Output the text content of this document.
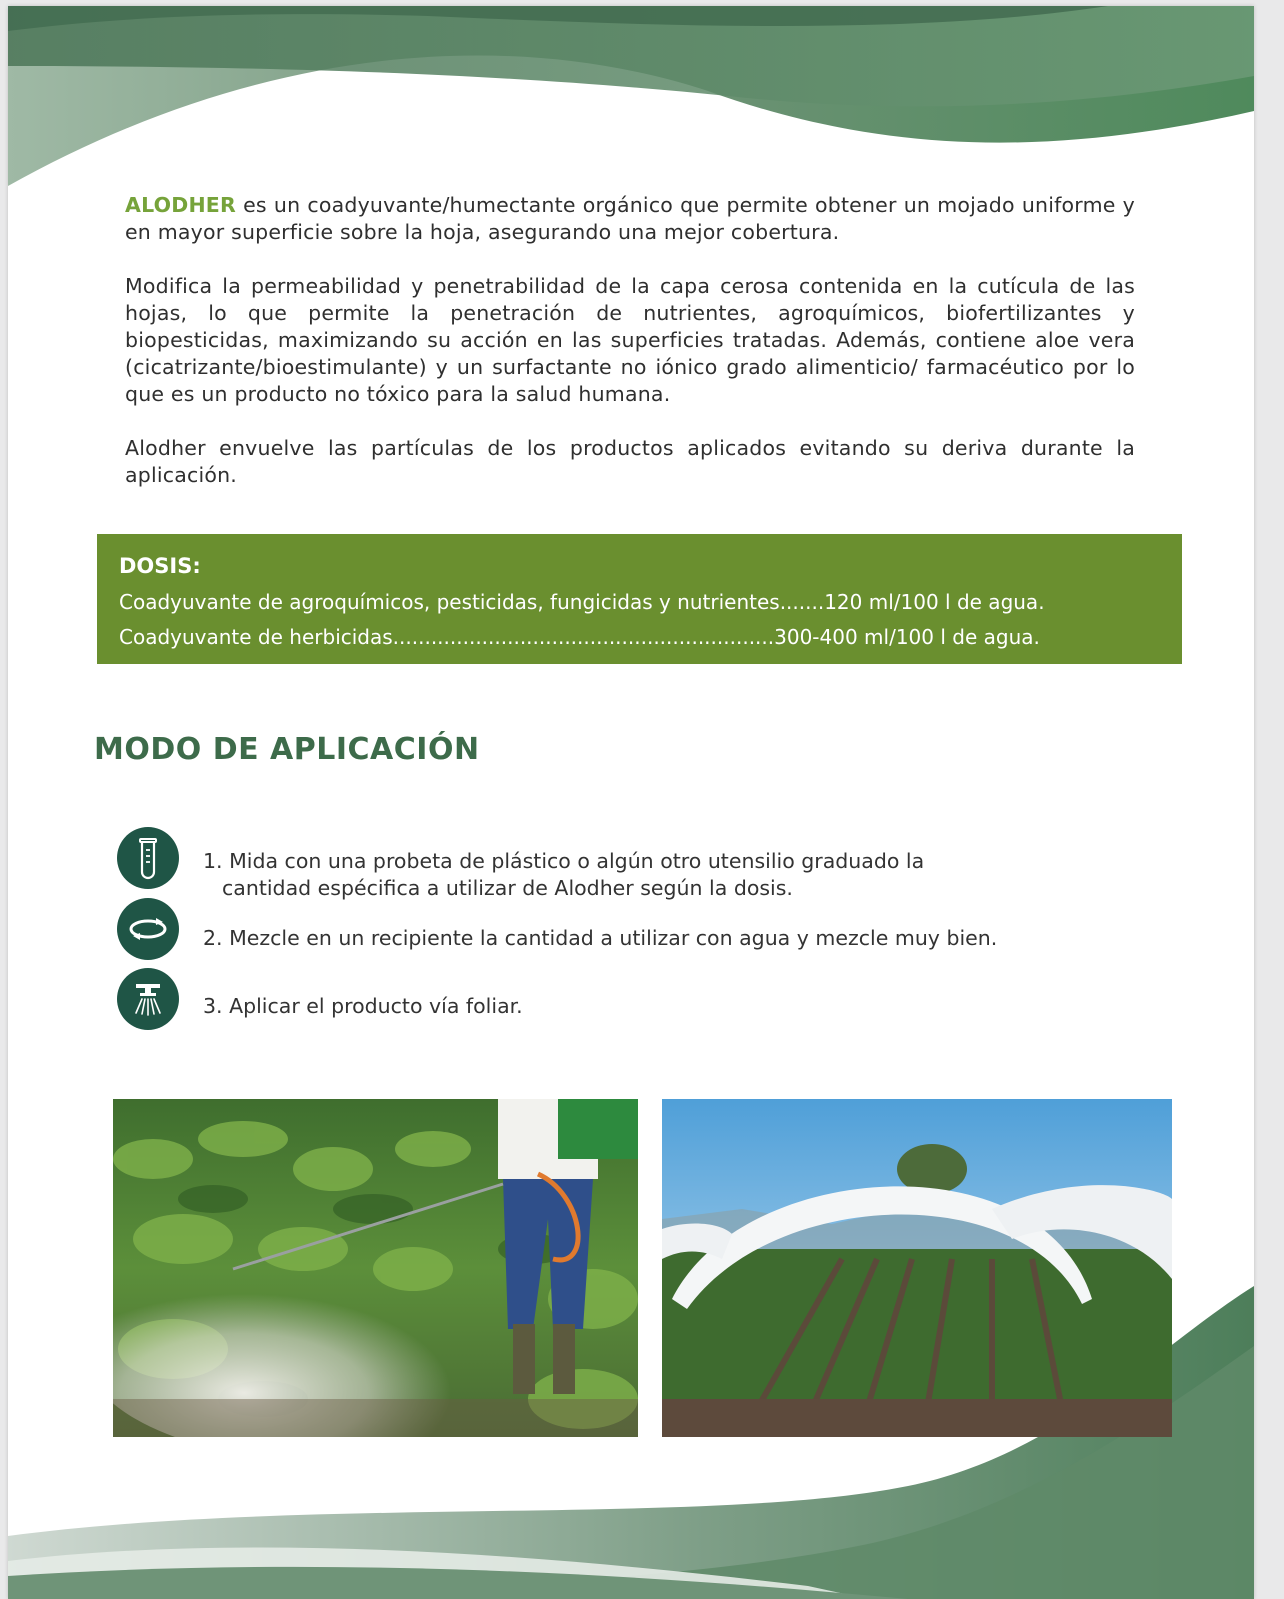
ALODHER es un coadyuvante/humectante orgánico que permite obtener un mojado uniforme y en mayor superficie sobre la hoja, asegurando una mejor cobertura.

Modifica la permeabilidad y penetrabilidad de la capa cerosa contenida en la cutícula de las hojas, lo que permite la penetración de nutrientes, agroquímicos, biofertilizantes y biopesticidas, maximizando su acción en las superficies tratadas. Además, contiene aloe vera (cicatrizante/bioestimulante) y un surfactante no iónico grado alimenticio/ farmacéutico por lo que es un producto no tóxico para la salud humana.

Alodher envuelve las partículas de los productos aplicados evitando su deriva durante la aplicación.

DOSIS:
Coadyuvante de agroquímicos, pesticidas, fungicidas y nutrientes.......120 ml/100 l de agua.
Coadyuvante de herbicidas............................................................300-400 ml/100 l de agua.
MODO DE APLICACIÓN
1. Mida con una probeta de plástico o algún otro utensilio graduado la
cantidad espécifica a utilizar de Alodher según la dosis.
2. Mezcle en un recipiente la cantidad a utilizar con agua y mezcle muy bien.
3. Aplicar el producto vía foliar.
